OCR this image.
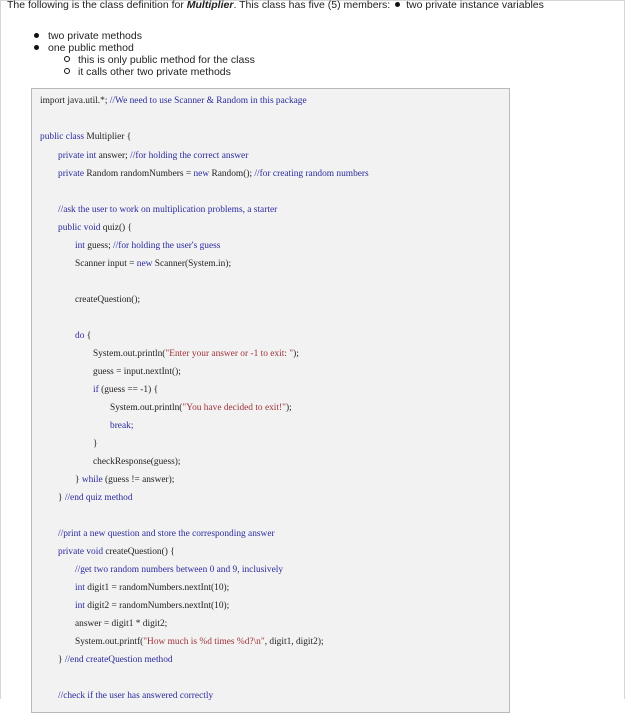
The following is the class definition for Multiplier. This class has five (5) members: two private instance variables
two private methods
one public method
this is only public method for the class
it calls other two private methods
import java.util.*; //We need to use Scanner & Random in this package
public class Multiplier {
private int answer; //for holding the correct answer
private Random randomNumbers = new Random(); //for creating random numbers
//ask the user to work on multiplication problems, a starter
public void quiz() {
int guess; //for holding the user's guess
Scanner input = new Scanner(System.in);
createQuestion();
do {
System.out.println("Enter your answer or -1 to exit: ");
guess = input.nextInt();
if (guess == -1) {
System.out.println("You have decided to exit!");
break;
}
checkResponse(guess);
} while (guess != answer);
} //end quiz method
//print a new question and store the corresponding answer
private void createQuestion() {
//get two random numbers between 0 and 9, inclusively
int digit1 = randomNumbers.nextInt(10);
int digit2 = randomNumbers.nextInt(10);
answer = digit1 * digit2;
System.out.printf("How much is %d times %d?\n", digit1, digit2);
} //end createQuestion method
//check if the user has answered correctly
